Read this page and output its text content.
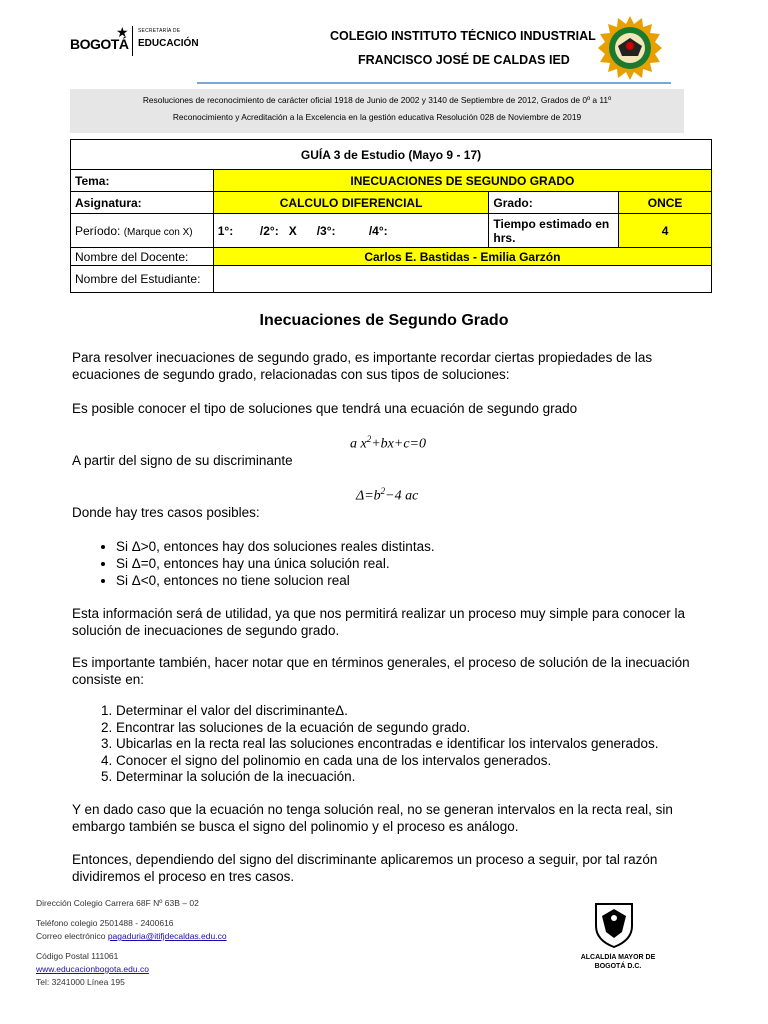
BOGOTÁ
★ SECRETARÍA DE
EDUCACIÓN
COLEGIO INSTITUTO TÉCNICO INDUSTRIAL
FRANCISCO JOSÉ DE CALDAS IED
Resoluciones de reconocimiento de carácter oficial 1918 de Junio de 2002 y 3140 de Septiembre de 2012, Grados de 0º a 11º
Reconocimiento y Acreditación a la Excelencia en la gestión educativa Resolución 028 de Noviembre de 2019
GUÍA 3 de Estudio (Mayo 9 - 17)			
Tema:	INECUACIONES DE SEGUNDO GRADO		
Asignatura:	CALCULO DIFERENCIAL	Grado:	ONCE
Período: (Marque con X)	1°:        /2°:   X      /3°:          /4°:	Tiempo estimado en hrs.	4
Nombre del Docente:	Carlos E. Bastidas - Emilia Garzón		
Nombre del Estudiante:			
Inecuaciones de Segundo Grado
Para resolver inecuaciones de segundo grado, es importante recordar ciertas propiedades de las ecuaciones de segundo grado, relacionadas con sus tipos de soluciones:
Es posible conocer el tipo de soluciones que tendrá una ecuación de segundo grado
a $x^2+bx+c=0$
A partir del signo de su discriminante
$\Delta=b^2-4$ ac
Donde hay tres casos posibles:
• Si Δ>0, entonces hay dos soluciones reales distintas.
• Si Δ=0, entonces hay una única solución real.
• Si Δ<0, entonces no tiene solucion real
Esta información será de utilidad, ya que nos permitirá realizar un proceso muy simple para conocer la solución de inecuaciones de segundo grado.
Es importante también, hacer notar que en términos generales, el proceso de solución de la inecuación consiste en:
1. Determinar el valor del discriminanteΔ.
2. Encontrar las soluciones de la ecuación de segundo grado.
3. Ubicarlas en la recta real las soluciones encontradas e identificar los intervalos generados.
4. Conocer el signo del polinomio en cada una de los intervalos generados.
5. Determinar la solución de la inecuación.
Y en dado caso que la ecuación no tenga solución real, no se generan intervalos en la recta real, sin embargo también se busca el signo del polinomio y el proceso es análogo.
Entonces, dependiendo del signo del discriminante aplicaremos un proceso a seguir, por tal razón dividiremos el proceso en tres casos.
Dirección Colegio Carrera 68F Nº 63B – 02
Teléfono colegio 2501488 - 2400616
Correo electrónico pagaduria@itifjdecaldas.edu.co
Código Postal 111061
www.educacionbogota.edu.co
Tel: 3241000 Línea 195
ALCALDÍA MAYOR DE BOGOTÁ D.C.
